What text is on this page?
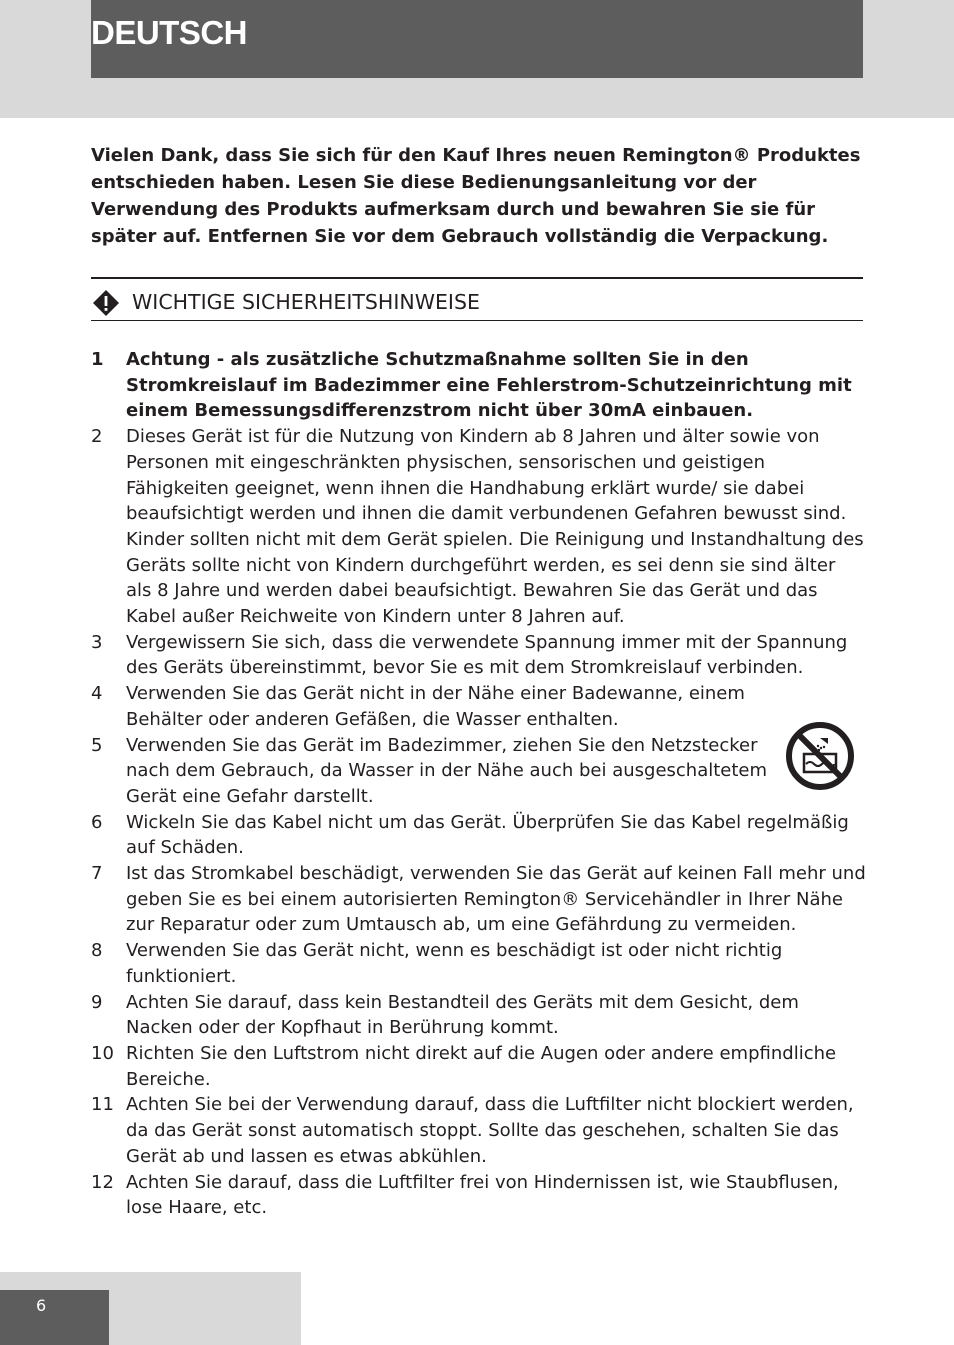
DEUTSCH

Vielen Dank, dass Sie sich für den Kauf Ihres neuen Remington® Produktes entschieden haben. Lesen Sie diese Bedienungsanleitung vor der Verwendung des Produkts aufmerksam durch und bewahren Sie sie für später auf. Entfernen Sie vor dem Gebrauch vollständig die Verpackung.

WICHTIGE SICHERHEITSHINWEISE
1 Achtung - als zusätzliche Schutzmaßnahme sollten Sie in den Stromkreislauf im Badezimmer eine Fehlerstrom-Schutzeinrichtung mit einem Bemessungsdifferenzstrom nicht über 30mA einbauen.
2 Dieses Gerät ist für die Nutzung von Kindern ab 8 Jahren und älter sowie von Personen mit eingeschränkten physischen, sensorischen und geistigen Fähigkeiten geeignet, wenn ihnen die Handhabung erklärt wurde/ sie dabei beaufsichtigt werden und ihnen die damit verbundenen Gefahren bewusst sind. Kinder sollten nicht mit dem Gerät spielen. Die Reinigung und Instandhaltung des Geräts sollte nicht von Kindern durchgeführt werden, es sei denn sie sind älter als 8 Jahre und werden dabei beaufsichtigt. Bewahren Sie das Gerät und das Kabel außer Reichweite von Kindern unter 8 Jahren auf.
3 Vergewissern Sie sich, dass die verwendete Spannung immer mit der Spannung des Geräts übereinstimmt, bevor Sie es mit dem Stromkreislauf verbinden.
4 Verwenden Sie das Gerät nicht in der Nähe einer Badewanne, einem Behälter oder anderen Gefäßen, die Wasser enthalten.
5 Verwenden Sie das Gerät im Badezimmer, ziehen Sie den Netzstecker nach dem Gebrauch, da Wasser in der Nähe auch bei ausgeschaltetem Gerät eine Gefahr darstellt.
6 Wickeln Sie das Kabel nicht um das Gerät. Überprüfen Sie das Kabel regelmäßig auf Schäden.
7 Ist das Stromkabel beschädigt, verwenden Sie das Gerät auf keinen Fall mehr und geben Sie es bei einem autorisierten Remington® Servicehändler in Ihrer Nähe zur Reparatur oder zum Umtausch ab, um eine Gefährdung zu vermeiden.
8 Verwenden Sie das Gerät nicht, wenn es beschädigt ist oder nicht richtig funktioniert.
9 Achten Sie darauf, dass kein Bestandteil des Geräts mit dem Gesicht, dem Nacken oder der Kopfhaut in Berührung kommt.
10 Richten Sie den Luftstrom nicht direkt auf die Augen oder andere empfindliche Bereiche.
11 Achten Sie bei der Verwendung darauf, dass die Luftfilter nicht blockiert werden, da das Gerät sonst automatisch stoppt. Sollte das geschehen, schalten Sie das Gerät ab und lassen es etwas abkühlen.
12 Achten Sie darauf, dass die Luftfilter frei von Hindernissen ist, wie Staubflusen, lose Haare, etc.
6
